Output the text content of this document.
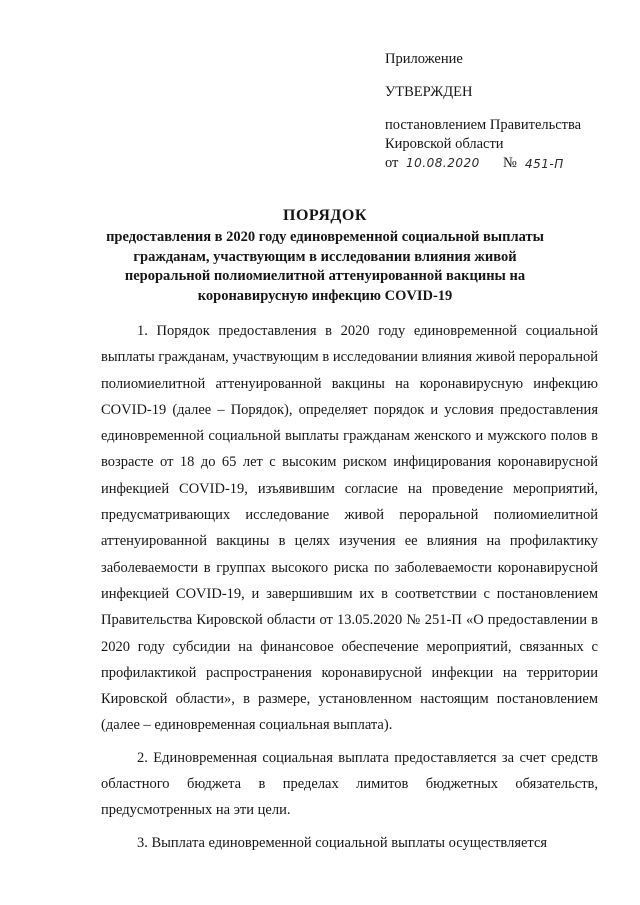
Приложение
УТВЕРЖДЕН
постановлением Правительства
Кировской области
от 10.08.2020 № 451-П
ПОРЯДОК
предоставления в 2020 году единовременной социальной выплаты гражданам, участвующим в исследовании влияния живой пероральной полиомиелитной аттенуированной вакцины на коронавирусную инфекцию COVID-19

1. Порядок предоставления в 2020 году единовременной социальной выплаты гражданам, участвующим в исследовании влияния живой пероральной полиомиелитной аттенуированной вакцины на коронавирусную инфекцию COVID-19 (далее – Порядок), определяет порядок и условия предоставления единовременной социальной выплаты гражданам женского и мужского полов в возрасте от 18 до 65 лет с высоким риском инфицирования коронавирусной инфекцией COVID-19, изъявившим согласие на проведение мероприятий, предусматривающих исследование живой пероральной полиомиелитной аттенуированной вакцины в целях изучения ее влияния на профилактику заболеваемости в группах высокого риска по заболеваемости коронавирусной инфекцией COVID-19, и завершившим их в соответствии с постановлением Правительства Кировской области от 13.05.2020 № 251-П «О предоставлении в 2020 году субсидии на финансовое обеспечение мероприятий, связанных с профилактикой распространения коронавирусной инфекции на территории Кировской области», в размере, установленном настоящим постановлением (далее – единовременная социальная выплата).

2. Единовременная социальная выплата предоставляется за счет средств областного бюджета в пределах лимитов бюджетных обязательств, предусмотренных на эти цели.

3. Выплата единовременной социальной выплаты осуществляется
